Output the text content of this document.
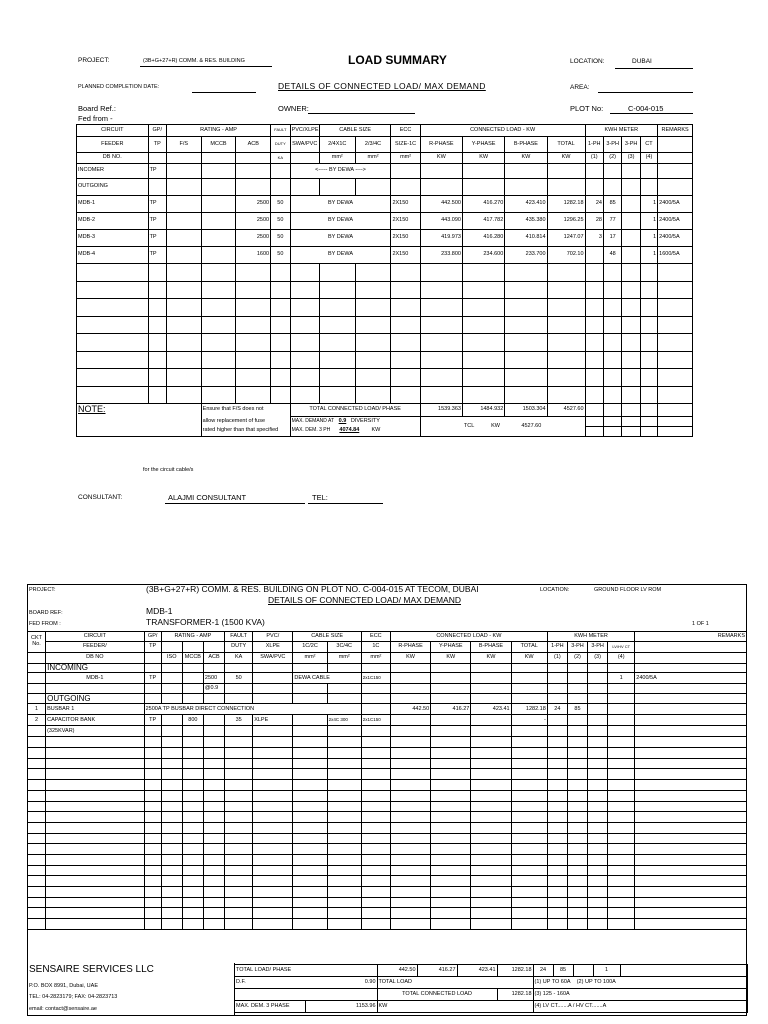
PROJECT:	(3B+G+27+R) COMM. & RES. BUILDING	LOAD SUMMARY	LOCATION:	DUBAI
PLANNED COMPLETION DATE:	DETAILS OF CONNECTED LOAD/ MAX DEMAND	AREA:
Board Ref.:
Fed from -
OWNER:	PLOT No:	C-004-015
CIRCUIT	GP/	RATING - AMP			FAULT	PVC/XLPE	CABLE SIZE		ECC	CONNECTED LOAD - KW				KWH METER				REMARKS
FEEDER	TP	F/S	MCCB	ACB	DUTY	SWA/PVC	2/4X1C	2/3/4C	SIZE-1C	R-PHASE	Y-PHASE	B-PHASE	TOTAL	1-PH	3-PH	3-PH	CT	
DB NO.					KA		mm²	mm²	mm²	KW	KW	KW	KW	(1)	(2)	(3)	(4)	
INCOMER	TP					<----- BY DEWA ---->												
OUTGOING																		
MDB-1	TP			2500	50	BY DEWA			2X150	442.500	416.270	423.410	1282.18	24	85		1	2400/5A
MDB-2	TP			2500	50	BY DEWA			2X150	443.090	417.782	435.380	1296.25	28	77		1	2400/5A
MDB-3	TP			2500	50	BY DEWA			2X150	419.973	416.280	410.814	1247.07	3	17		1	2400/5A
MDB-4	TP			1600	50	BY DEWA			2X150	233.800	234.600	233.700	702.10		48		1	1600/5A

NOTE:			Ensure that F/S does not			TOTAL CONNECTED LOAD/ PHASE				1539.363	1484.932	1503.304	4527.60					
			allow replacement of fuse			MAX. DEMAND AT 0.9 DIVERSITY				TCL KW 4527.60								
			rated higher than that specified			MAX. DEM. 3 PH 4074.84 KW												
for the circuit cable/s
CONSULTANT:	ALAJMI CONSULTANT	TEL:
PROJECT:	(3B+G+27+R) COMM. & RES. BUILDING ON PLOT NO. C-004-015 AT TECOM, DUBAI	LOCATION:	GROUND FLOOR LV ROM
DETAILS OF CONNECTED LOAD/ MAX DEMAND
BOARD REF:	MDB-1
FED FROM :	TRANSFORMER-1 (1500 KVA)	1 OF 1
CKT
No.	CIRCUIT	GP/	RATING - AMP			FAULT	PVC/	CABLE SIZE		ECC	CONNECTED LOAD - KW				KWH METER				REMARKS
	FEEDER/	TP				DUTY	XLPE	1C/2C	3C/4C	1C	R-PHASE	Y-PHASE	B-PHASE	TOTAL	1-PH	3-PH	3-PH	LV/HV CT	
	DB NO		ISO	MCCB	ACB	KA	SWA/PVC	mm²	mm²	mm²	KW	KW	KW	KW	(1)	(2)	(3)	(4)	
	INCOMING																		
	MDB-1	TP			2500	50		DEWA CABLE		2x1C150								1	2400/5A
					@0.9														
	OUTGOING																		
1	BUSBAR 1	2500A TP BUSBAR DIRECT CONNECTION									442.50	416.27	423.41	1282.18	24	85			
2	CAPACITOR BANK	TP		800		35	XLPE		2x4C 300	2x1C150				-					
	(325KVAR)																		

SENSAIRE SERVICES LLC
P.O. BOX 8991, Dubai, UAE
TEL: 04-2823179; FAX: 04-2823713
email: contact@sensaire.ae
TOTAL LOAD/ PHASE		442.50	416.27	423.41	1282.18	24	85		1	
D.F. 0.90		TOTAL LOAD				(1) UP TO 60A (2) UP TO 100A				
		TOTAL CONNECTED LOAD			1282.18	(3) 125 - 160A				
MAX. DEM. 3 PHASE	1153.96	KW				(4) LV CT.......A / HV CT.......A				
